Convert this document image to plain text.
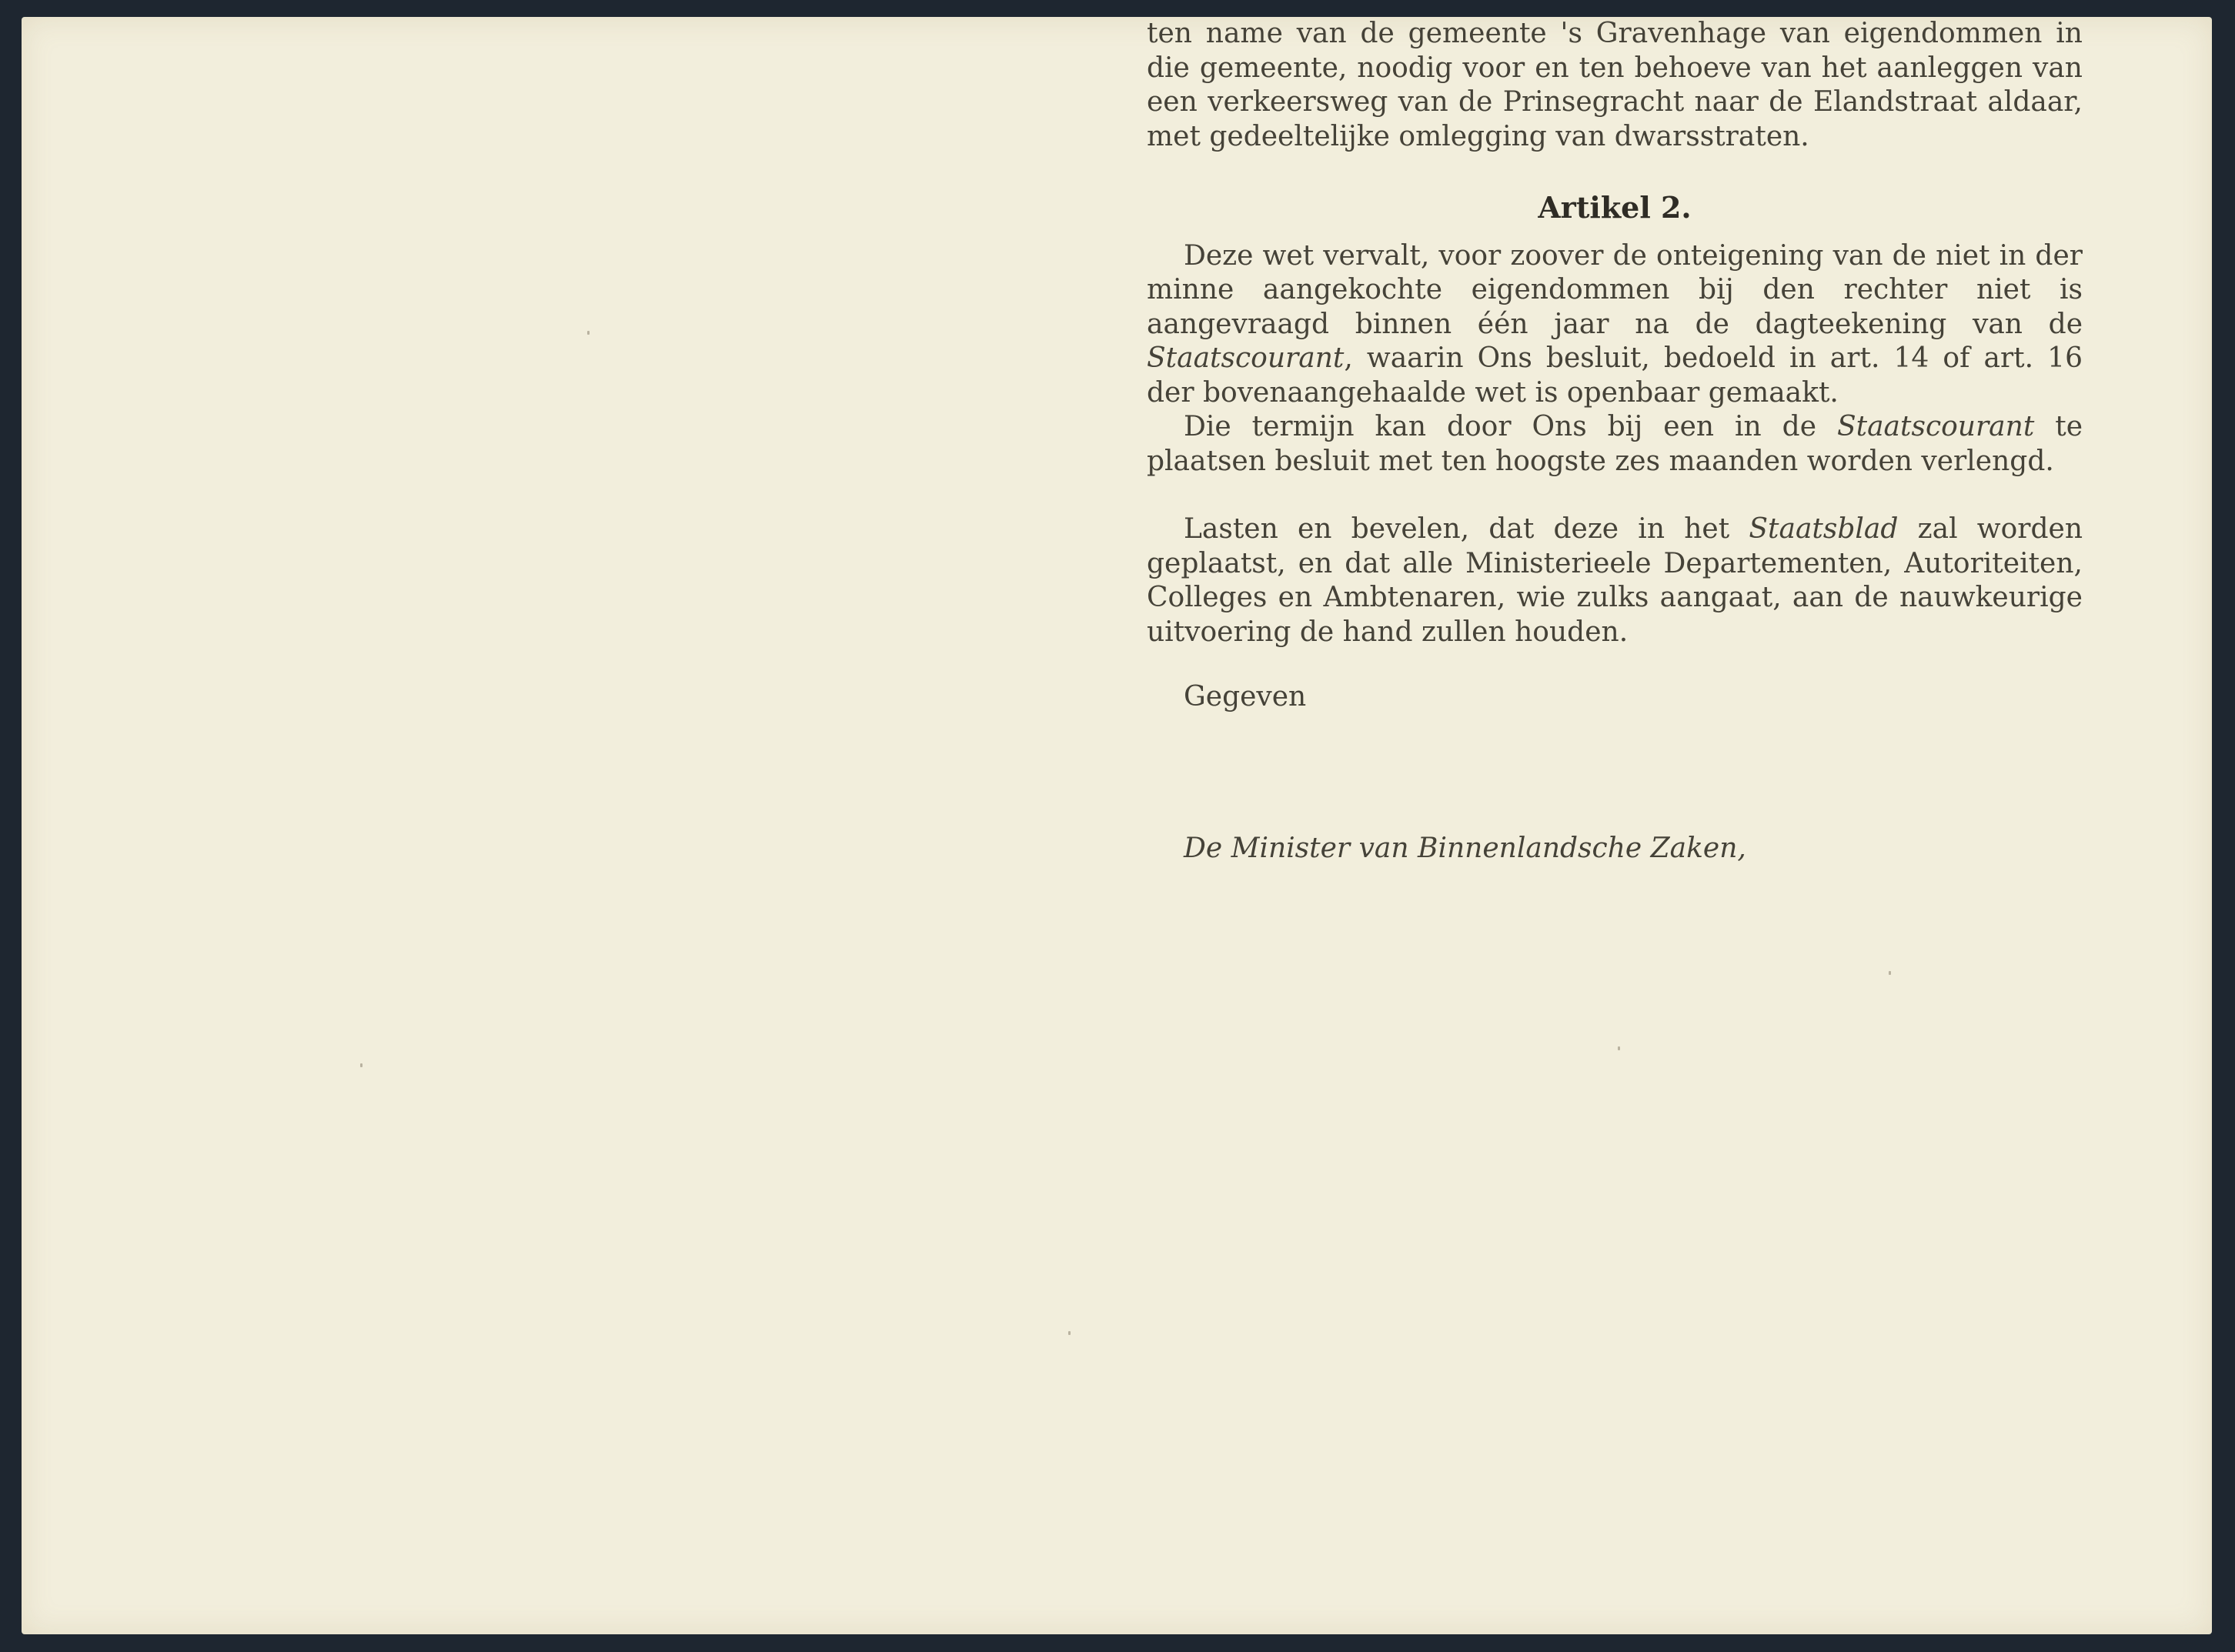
ten name van de gemeente 's Gravenhage van eigendommen in die gemeente, noodig voor en ten behoeve van het aanleggen van een verkeersweg van de Prinsegracht naar de Elandstraat aldaar, met gedeeltelijke omlegging van dwarsstraten.

Artikel 2.

Deze wet vervalt, voor zoover de onteigening van de niet in der minne aangekochte eigendommen bij den rechter niet is aangevraagd binnen één jaar na de dagteekening van de Staatscourant, waarin Ons besluit, bedoeld in art. 14 of art. 16 der bovenaangehaalde wet is openbaar gemaakt.

Die termijn kan door Ons bij een in de Staatscourant te plaatsen besluit met ten hoogste zes maanden worden verlengd.

Lasten en bevelen, dat deze in het Staatsblad zal worden geplaatst, en dat alle Ministerieele Departementen, Autoriteiten, Colleges en Ambtenaren, wie zulks aangaat, aan de nauwkeurige uitvoering de hand zullen houden.

Gegeven

De Minister van Binnenlandsche Zaken,
